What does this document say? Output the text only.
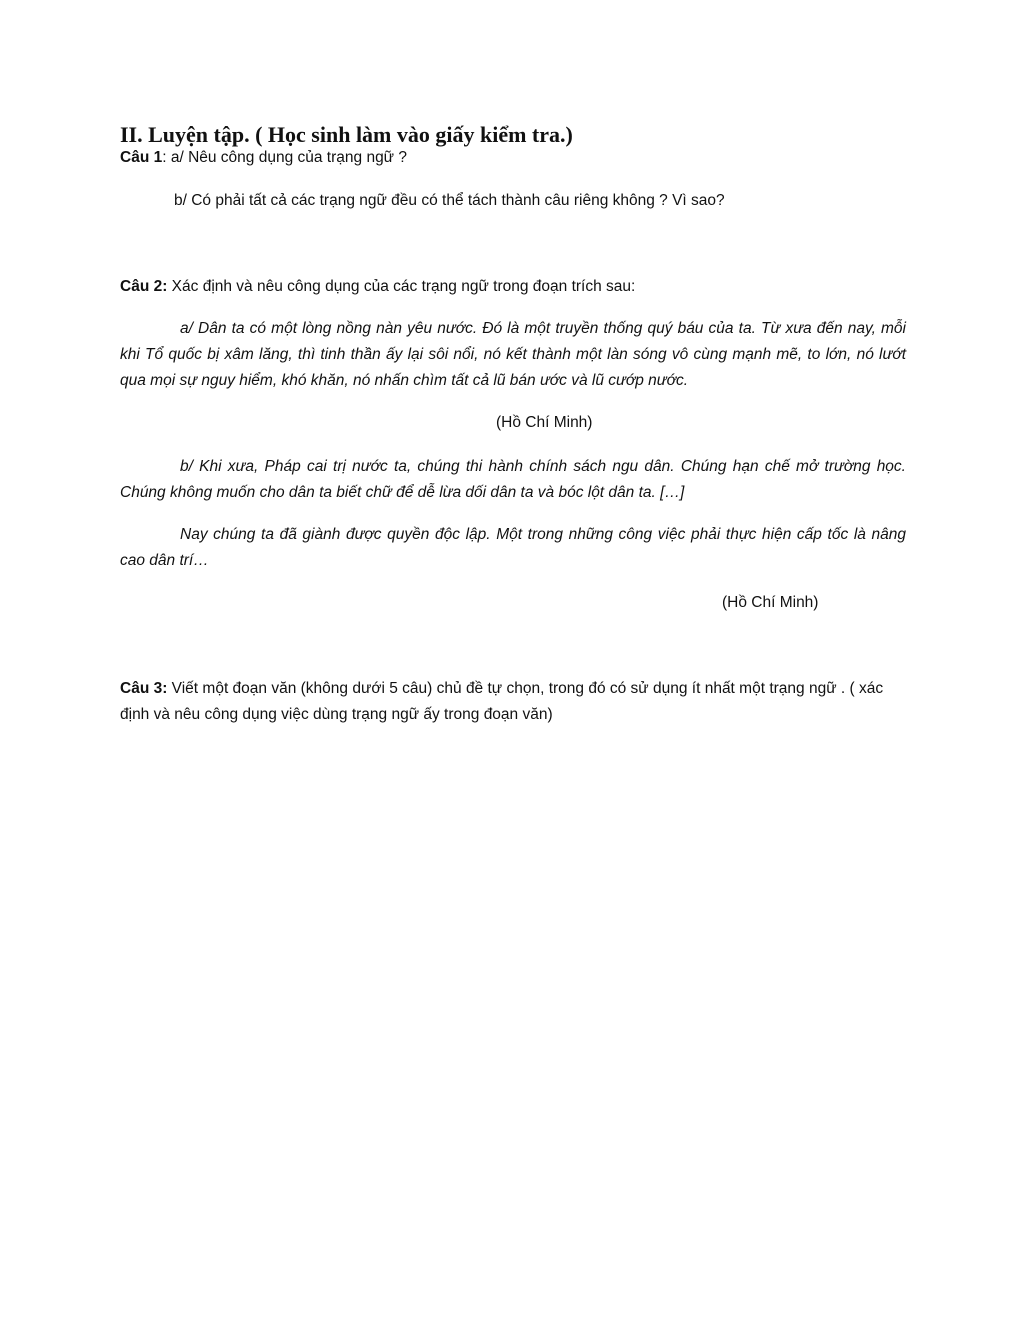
II. Luyện tập. ( Học sinh làm vào giấy kiểm tra.)
Câu 1: a/ Nêu công dụng của trạng ngữ ?
b/ Có phải tất cả các trạng ngữ đều có thể tách thành câu riêng không ? Vì sao?
Câu 2: Xác định và nêu công dụng của các trạng ngữ trong đoạn trích sau:
a/ Dân ta có một lòng nồng nàn yêu nước. Đó là một truyền thống quý báu của ta. Từ xưa đến nay, mỗi khi Tổ quốc bị xâm lăng, thì tinh thần ấy lại sôi nổi, nó kết thành một làn sóng vô cùng mạnh mẽ, to lớn, nó lướt qua mọi sự nguy hiểm, khó khăn, nó nhấn chìm tất cả lũ bán ước và lũ cướp nước.
(Hồ Chí Minh)
b/ Khi xưa, Pháp cai trị nước ta, chúng thi hành chính sách ngu dân. Chúng hạn chế mở trường học. Chúng không muốn cho dân ta biết chữ để dễ lừa dối dân ta và bóc lột dân ta. […]
Nay chúng ta đã giành được quyền độc lập. Một trong những công việc phải thực hiện cấp tốc là nâng cao dân trí…
(Hồ Chí Minh)
Câu 3: Viết một đoạn văn (không dưới 5 câu) chủ đề tự chọn, trong đó có sử dụng ít nhất một trạng ngữ . ( xác định và nêu công dụng việc dùng trạng ngữ ấy trong đoạn văn)
